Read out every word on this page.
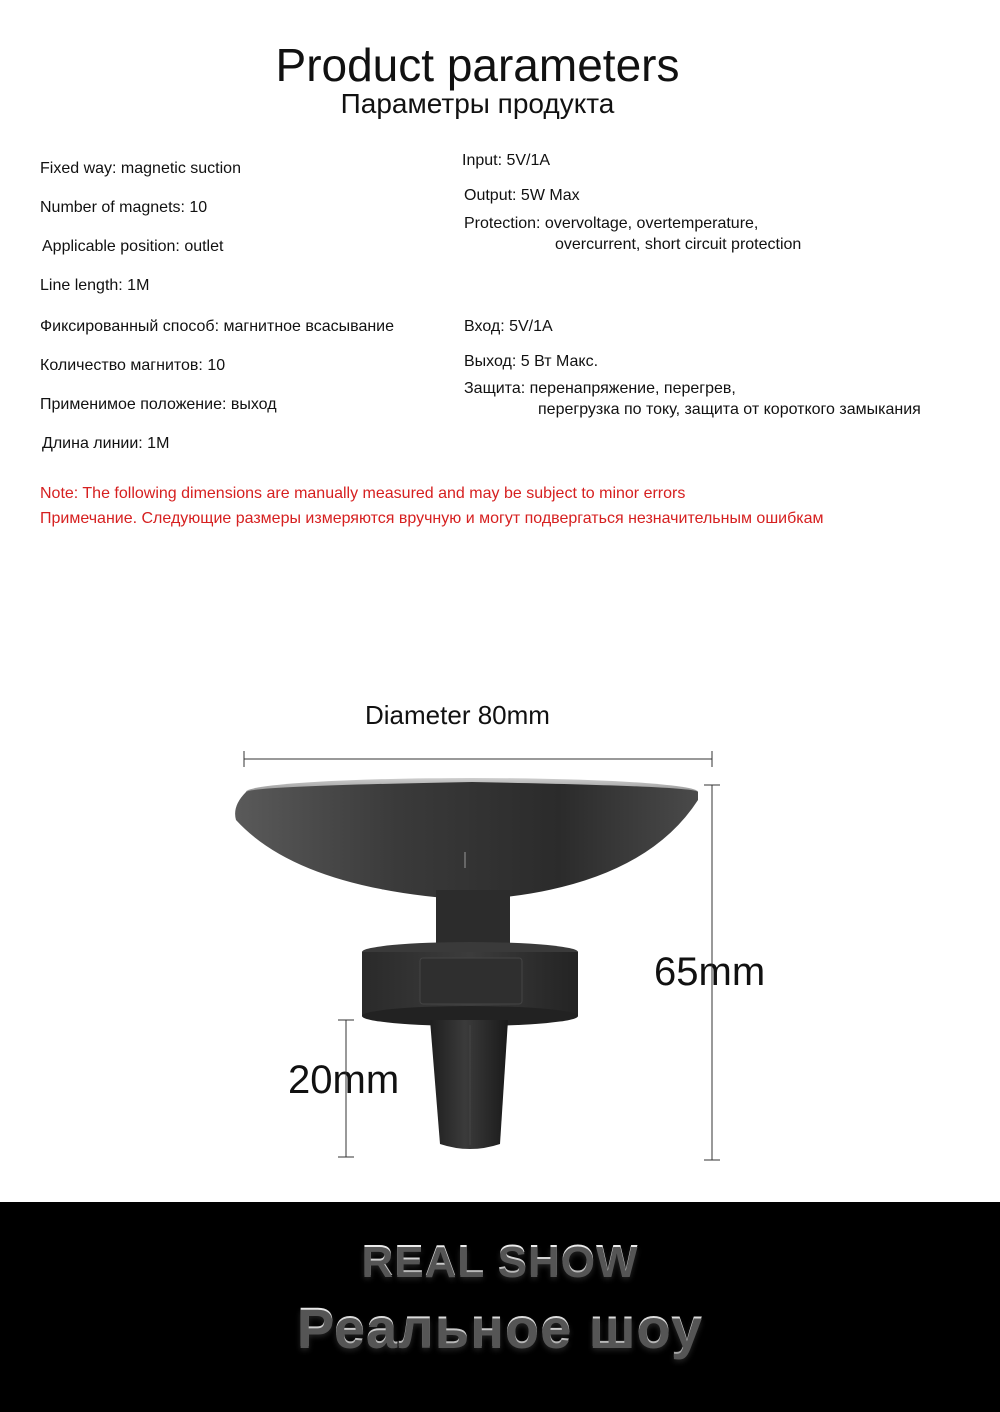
Product parameters
Параметры продукта
Fixed way: magnetic suction
Number of magnets: 10
Applicable position: outlet
Line length: 1M
Input: 5V/1A
Output: 5W Max
Protection: overvoltage, overtemperature,
overcurrent, short circuit protection
Фиксированный способ: магнитное всасывание
Количество магнитов: 10
Применимое положение: выход
Длина линии: 1M
Вход: 5V/1A
Выход: 5 Вт Макс.
Защита: перенапряжение, перегрев,
перегрузка по току, защита от короткого замыкания
Note: The following dimensions are manually measured and may be subject to minor errors
Примечание. Следующие размеры измеряются вручную и могут подвергаться незначительным ошибкам
Diameter 80mm
65mm
20mm
REAL SHOW
Реальное шоу
